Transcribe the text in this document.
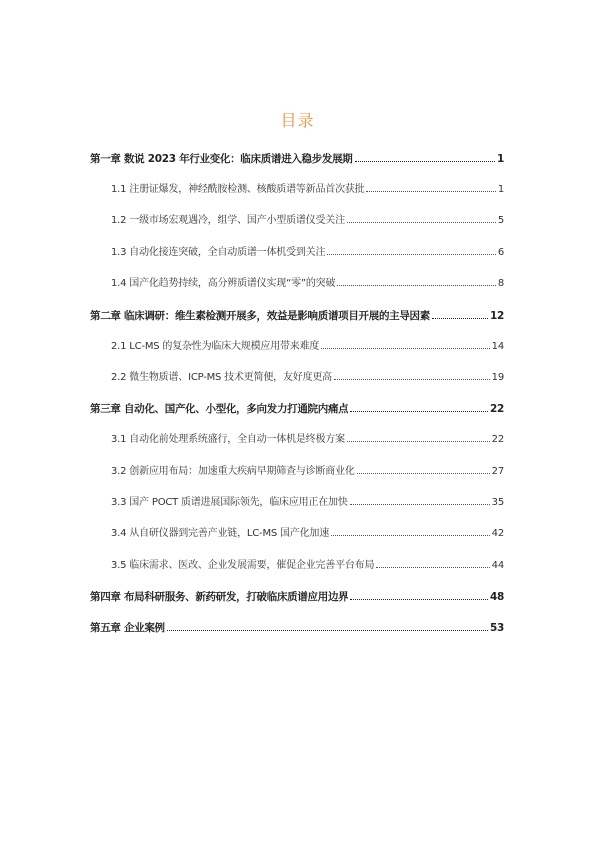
目录
第一章 数说 2023 年行业变化：临床质谱进入稳步发展期	1
1.1 注册证爆发，神经酰胺检测、核酸质谱等新品首次获批	1
1.2 一级市场宏观遇冷，组学、国产小型质谱仪受关注	5
1.3 自动化接连突破，全自动质谱一体机受到关注	6
1.4 国产化趋势持续，高分辨质谱仪实现“零”的突破	8
第二章 临床调研：维生素检测开展多，效益是影响质谱项目开展的主导因素	12
2.1 LC-MS 的复杂性为临床大规模应用带来难度	14
2.2 微生物质谱、ICP-MS 技术更简便，友好度更高	19
第三章 自动化、国产化、小型化，多向发力打通院内痛点	22
3.1 自动化前处理系统盛行，全自动一体机是终极方案	22
3.2 创新应用布局：加速重大疾病早期筛查与诊断商业化	27
3.3 国产 POCT 质谱进展国际领先，临床应用正在加快	35
3.4 从自研仪器到完善产业链，LC-MS 国产化加速	42
3.5 临床需求、医改、企业发展需要，催促企业完善平台布局	44
第四章 布局科研服务、新药研发，打破临床质谱应用边界	48
第五章 企业案例	53
